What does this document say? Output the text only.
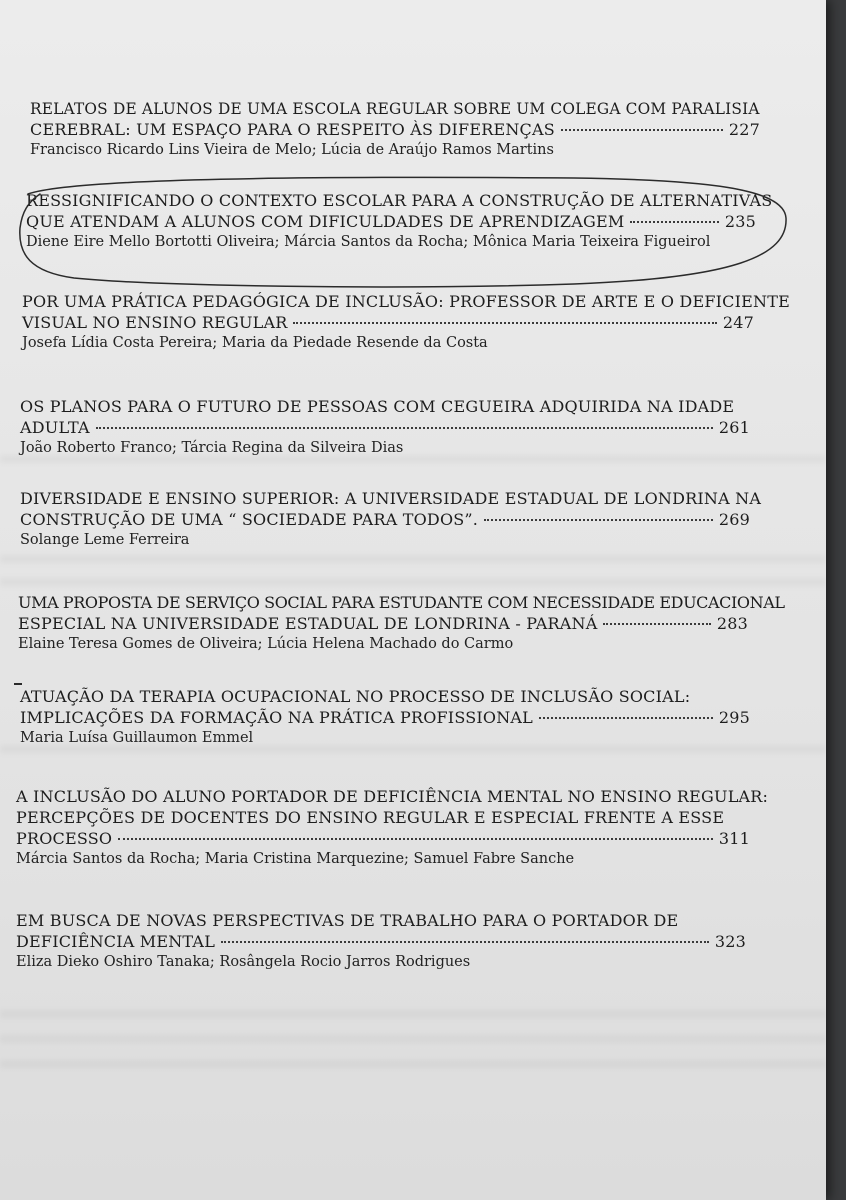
RELATOS DE ALUNOS DE UMA ESCOLA REGULAR SOBRE UM COLEGA COM PARALISIA
CEREBRAL: UM ESPAÇO PARA O RESPEITO ÀS DIFERENÇAS	227
Francisco Ricardo Lins Vieira de Melo; Lúcia de Araújo Ramos Martins
RESSIGNIFICANDO O CONTEXTO ESCOLAR PARA A CONSTRUÇÃO DE ALTERNATIVAS
QUE ATENDAM A ALUNOS COM DIFICULDADES DE APRENDIZAGEM	235
Diene Eire Mello Bortotti Oliveira; Márcia Santos da Rocha; Mônica Maria Teixeira Figueirol
POR UMA PRÁTICA PEDAGÓGICA DE INCLUSÃO: PROFESSOR DE ARTE E O DEFICIENTE
VISUAL NO ENSINO REGULAR	247
Josefa Lídia Costa Pereira; Maria da Piedade Resende da Costa
OS PLANOS PARA O FUTURO DE PESSOAS COM CEGUEIRA ADQUIRIDA NA IDADE
ADULTA	261
João Roberto Franco; Tárcia Regina da Silveira Dias
DIVERSIDADE E ENSINO SUPERIOR: A UNIVERSIDADE ESTADUAL DE LONDRINA NA
CONSTRUÇÃO DE UMA “ SOCIEDADE PARA TODOS”.	269
Solange Leme Ferreira
UMA PROPOSTA DE SERVIÇO SOCIAL PARA ESTUDANTE COM NECESSIDADE EDUCACIONAL
ESPECIAL NA UNIVERSIDADE ESTADUAL DE LONDRINA - PARANÁ	283
Elaine Teresa Gomes de Oliveira; Lúcia Helena Machado do Carmo
ATUAÇÃO DA TERAPIA OCUPACIONAL NO PROCESSO DE INCLUSÃO SOCIAL:
IMPLICAÇÕES DA FORMAÇÃO NA PRÁTICA PROFISSIONAL	295
Maria Luísa Guillaumon Emmel
A INCLUSÃO DO ALUNO PORTADOR DE DEFICIÊNCIA MENTAL NO ENSINO REGULAR:
PERCEPÇÕES DE DOCENTES DO ENSINO REGULAR E ESPECIAL FRENTE A ESSE
PROCESSO	311
Márcia Santos da Rocha; Maria Cristina Marquezine; Samuel Fabre Sanche
EM BUSCA DE NOVAS PERSPECTIVAS DE TRABALHO PARA O PORTADOR DE
DEFICIÊNCIA MENTAL	323
Eliza Dieko Oshiro Tanaka; Rosângela Rocio Jarros Rodrigues
